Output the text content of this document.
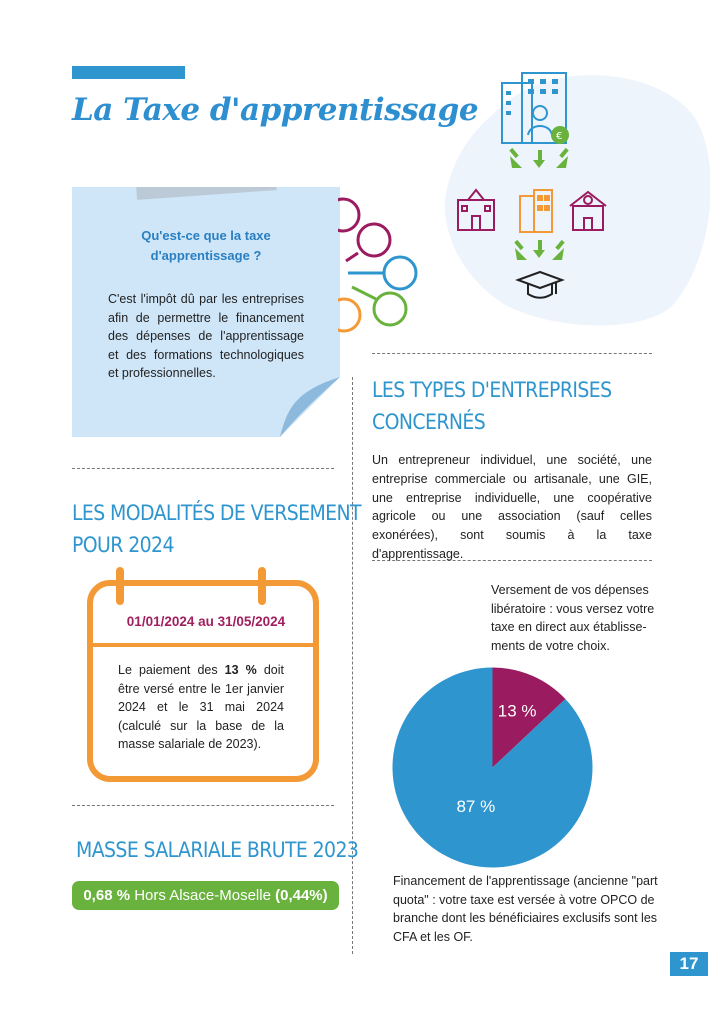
La Taxe d'apprentissage
€
Qu'est-ce que la taxe d'apprentissage ?
C'est l'impôt dû par les entreprises afin de permettre le financement des dépenses de l'apprentissage et des formations technologiques et professionnelles.
LES TYPES D'ENTREPRISES
CONCERNÉS
Un entrepreneur individuel, une société, une entreprise commerciale ou artisanale, une GIE, une entreprise individuelle, une coopérative agricole ou une association (sauf celles exonérées), sont soumis à la taxe d'apprentissage.
LES MODALITÉS DE VERSEMENT
POUR 2024
01/01/2024 au 31/05/2024
Le paiement des 13 % doit être versé entre le 1er janvier 2024 et le 31 mai 2024 (calculé sur la base de la masse salariale de 2023).
MASSE SALARIALE BRUTE 2023
0,68 % Hors Alsace-Moselle (0,44%)
Versement de vos dépenses libératoire : vous versez votre taxe en direct aux établisse-ments de votre choix.
13 %
87 %
Financement de l'apprentissage (ancienne "part quota" : votre taxe est versée à votre OPCO de branche dont les bénéficiaires exclusifs sont les CFA et les OF.
17
